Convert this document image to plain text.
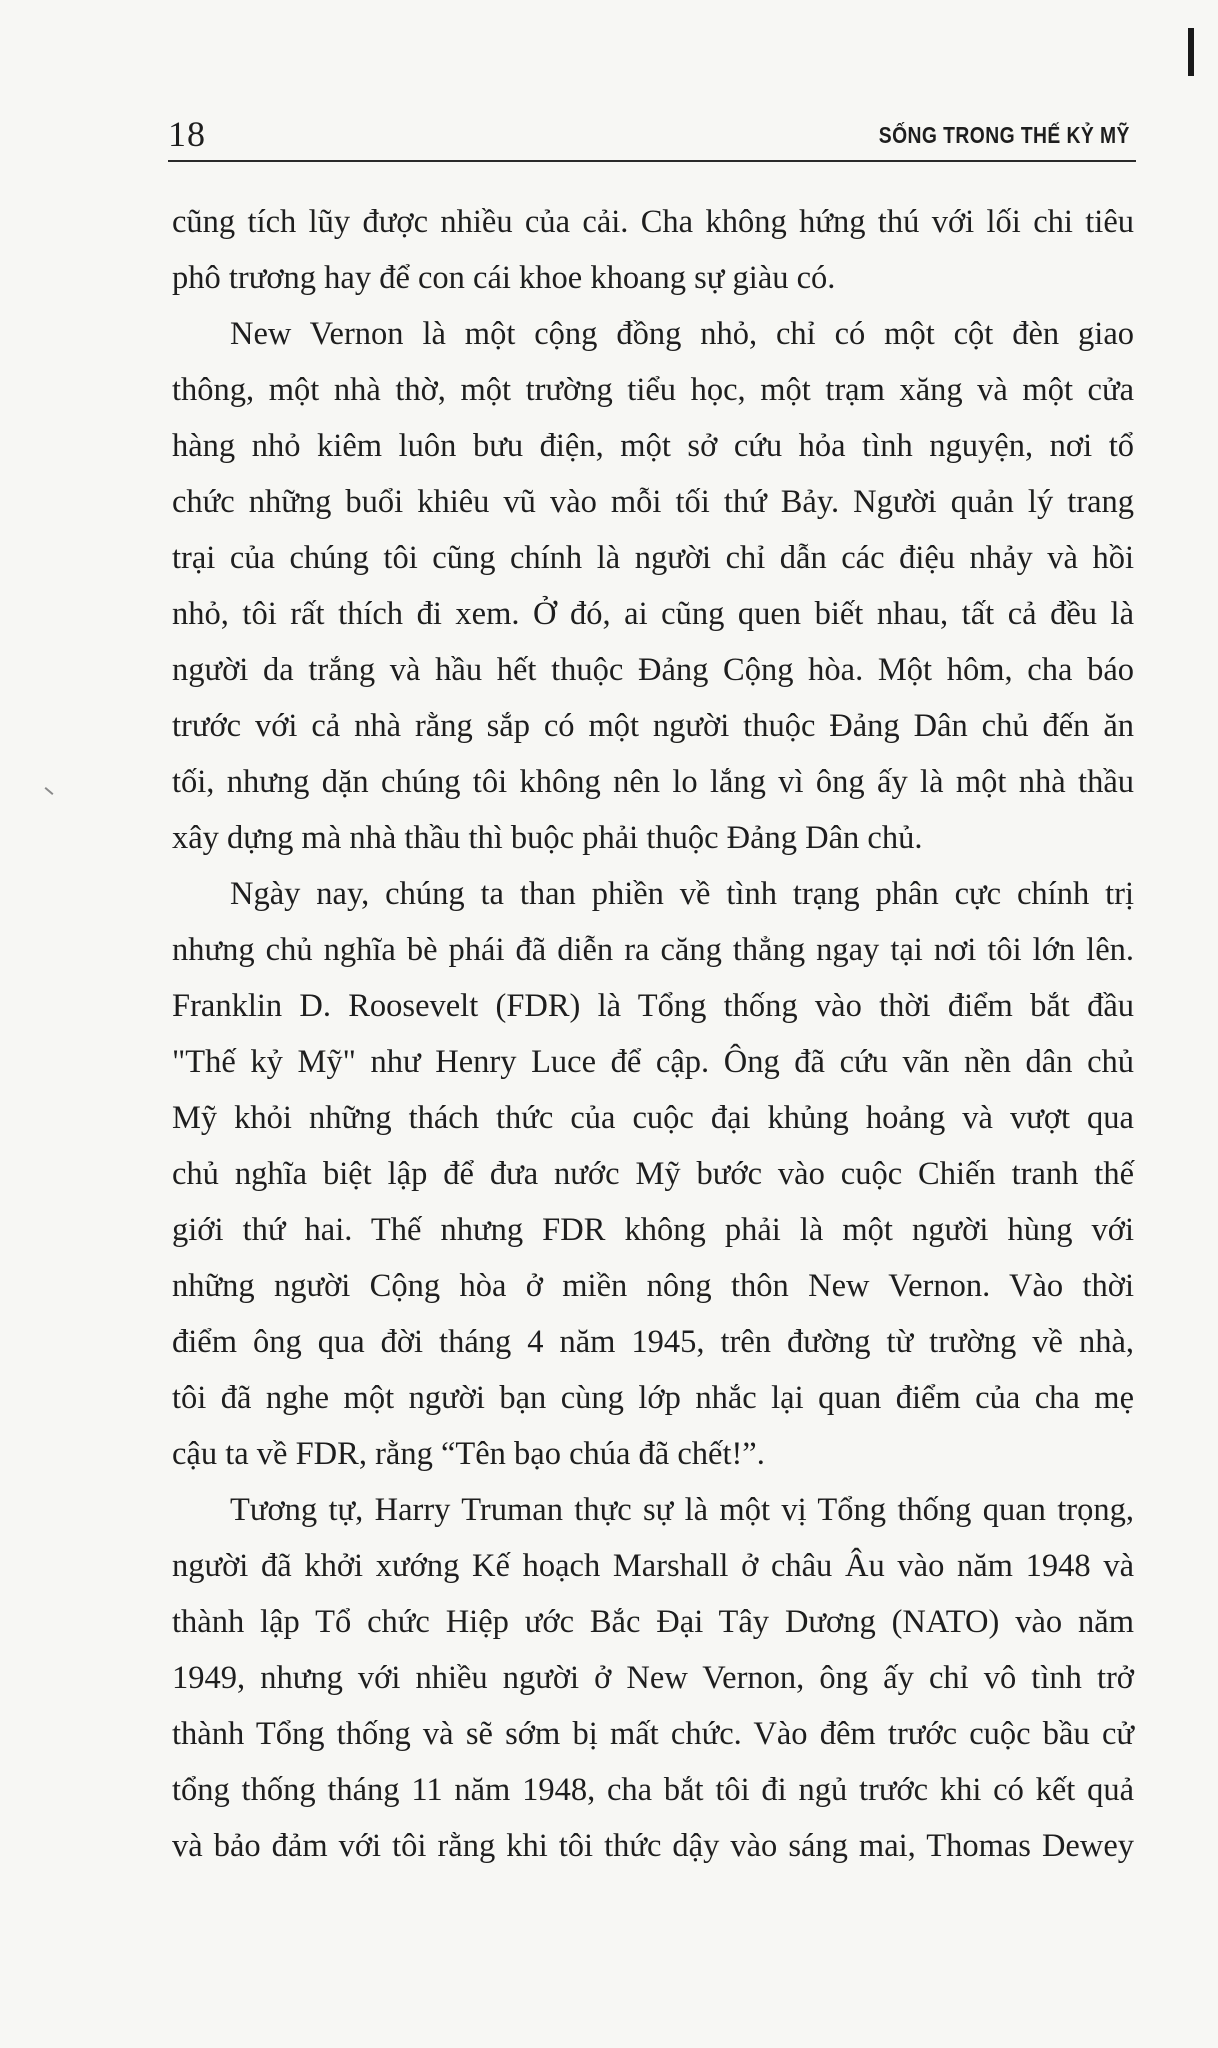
18	SỐNG TRONG THẾ KỶ MỸ
cũng tích lũy được nhiều của cải. Cha không hứng thú với lối chi tiêu
phô trương hay để con cái khoe khoang sự giàu có.
New Vernon là một cộng đồng nhỏ, chỉ có một cột đèn giao
thông, một nhà thờ, một trường tiểu học, một trạm xăng và một cửa
hàng nhỏ kiêm luôn bưu điện, một sở cứu hỏa tình nguyện, nơi tổ
chức những buổi khiêu vũ vào mỗi tối thứ Bảy. Người quản lý trang
trại của chúng tôi cũng chính là người chỉ dẫn các điệu nhảy và hồi
nhỏ, tôi rất thích đi xem. Ở đó, ai cũng quen biết nhau, tất cả đều là
người da trắng và hầu hết thuộc Đảng Cộng hòa. Một hôm, cha báo
trước với cả nhà rằng sắp có một người thuộc Đảng Dân chủ đến ăn
tối, nhưng dặn chúng tôi không nên lo lắng vì ông ấy là một nhà thầu
xây dựng mà nhà thầu thì buộc phải thuộc Đảng Dân chủ.
Ngày nay, chúng ta than phiền về tình trạng phân cực chính trị
nhưng chủ nghĩa bè phái đã diễn ra căng thẳng ngay tại nơi tôi lớn lên.
Franklin D. Roosevelt (FDR) là Tổng thống vào thời điểm bắt đầu
"Thế kỷ Mỹ" như Henry Luce để cập. Ông đã cứu vãn nền dân chủ
Mỹ khỏi những thách thức của cuộc đại khủng hoảng và vượt qua
chủ nghĩa biệt lập để đưa nước Mỹ bước vào cuộc Chiến tranh thế
giới thứ hai. Thế nhưng FDR không phải là một người hùng với
những người Cộng hòa ở miền nông thôn New Vernon. Vào thời
điểm ông qua đời tháng 4 năm 1945, trên đường từ trường về nhà,
tôi đã nghe một người bạn cùng lớp nhắc lại quan điểm của cha mẹ
cậu ta về FDR, rằng “Tên bạo chúa đã chết!”.
Tương tự, Harry Truman thực sự là một vị Tổng thống quan trọng,
người đã khởi xướng Kế hoạch Marshall ở châu Âu vào năm 1948 và
thành lập Tổ chức Hiệp ước Bắc Đại Tây Dương (NATO) vào năm
1949, nhưng với nhiều người ở New Vernon, ông ấy chỉ vô tình trở
thành Tổng thống và sẽ sớm bị mất chức. Vào đêm trước cuộc bầu cử
tổng thống tháng 11 năm 1948, cha bắt tôi đi ngủ trước khi có kết quả
và bảo đảm với tôi rằng khi tôi thức dậy vào sáng mai, Thomas Dewey
